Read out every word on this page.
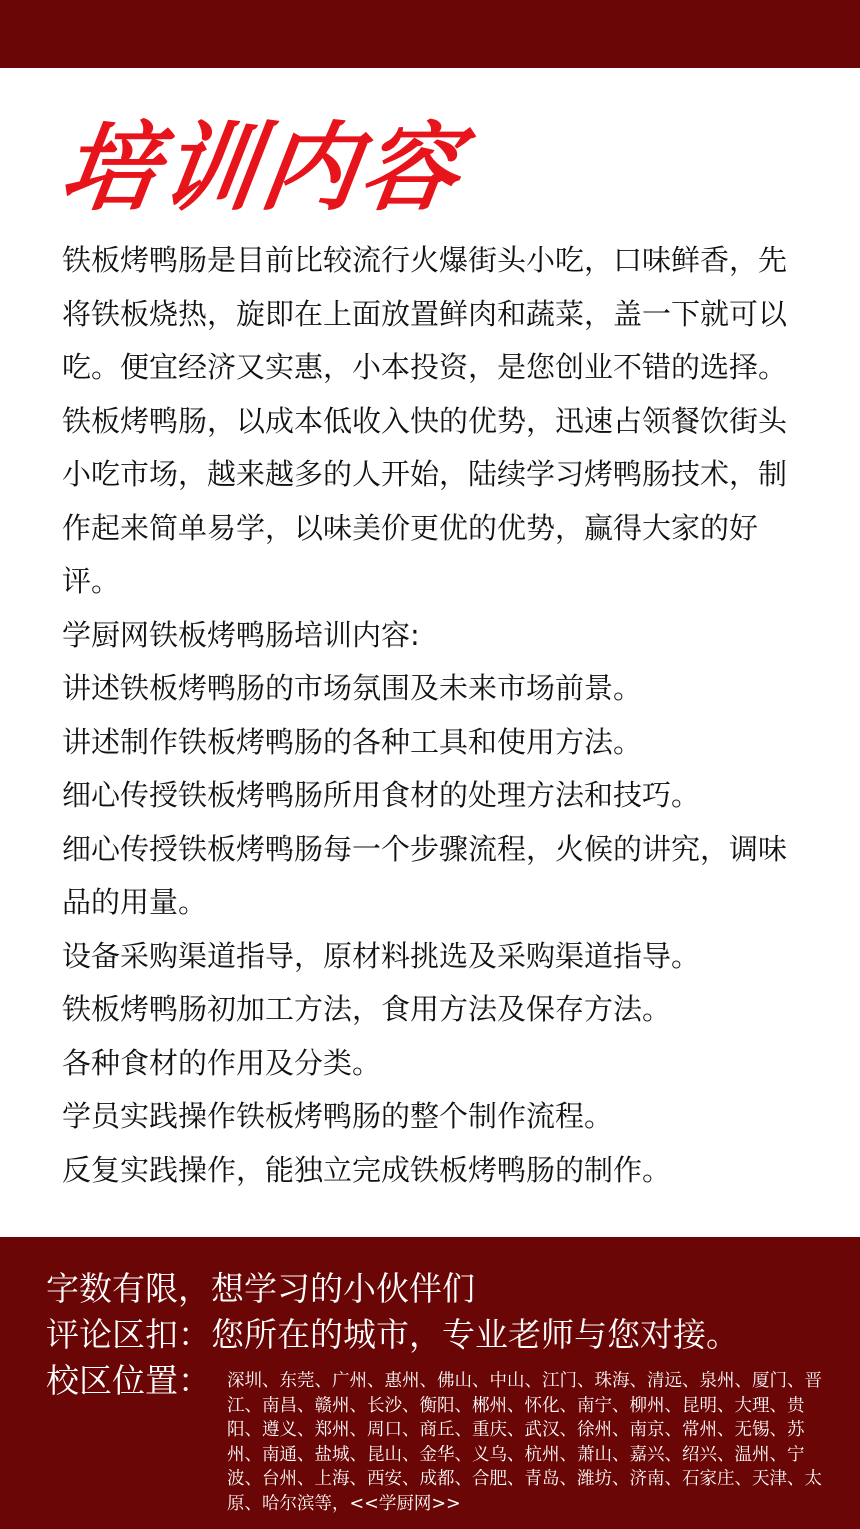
培训内容

铁板烤鸭肠是目前比较流行火爆街头小吃，口味鲜香，先将铁板烧热，旋即在上面放置鲜肉和蔬菜，盖一下就可以吃。便宜经济又实惠，小本投资，是您创业不错的选择。铁板烤鸭肠，以成本低收入快的优势，迅速占领餐饮街头小吃市场，越来越多的人开始，陆续学习烤鸭肠技术，制作起来简单易学，以味美价更优的优势，赢得大家的好评。

学厨网铁板烤鸭肠培训内容:

讲述铁板烤鸭肠的市场氛围及未来市场前景。

讲述制作铁板烤鸭肠的各种工具和使用方法。

细心传授铁板烤鸭肠所用食材的处理方法和技巧。

细心传授铁板烤鸭肠每一个步骤流程，火候的讲究，调味品的用量。

设备采购渠道指导，原材料挑选及采购渠道指导。

铁板烤鸭肠初加工方法，食用方法及保存方法。

各种食材的作用及分类。

学员实践操作铁板烤鸭肠的整个制作流程。

反复实践操作，能独立完成铁板烤鸭肠的制作。

字数有限，想学习的小伙伴们
评论区扣：您所在的城市，专业老师与您对接。
校区位置： 深圳、东莞、广州、惠州、佛山、中山、江门、珠海、清远、泉州、厦门、晋江、南昌、赣州、长沙、衡阳、郴州、怀化、南宁、柳州、昆明、大理、贵阳、遵义、郑州、周口、商丘、重庆、武汉、徐州、南京、常州、无锡、苏州、南通、盐城、昆山、金华、义乌、杭州、萧山、嘉兴、绍兴、温州、宁波、台州、上海、西安、成都、合肥、青岛、潍坊、济南、石家庄、天津、太原、哈尔滨等，<<学厨网>>
